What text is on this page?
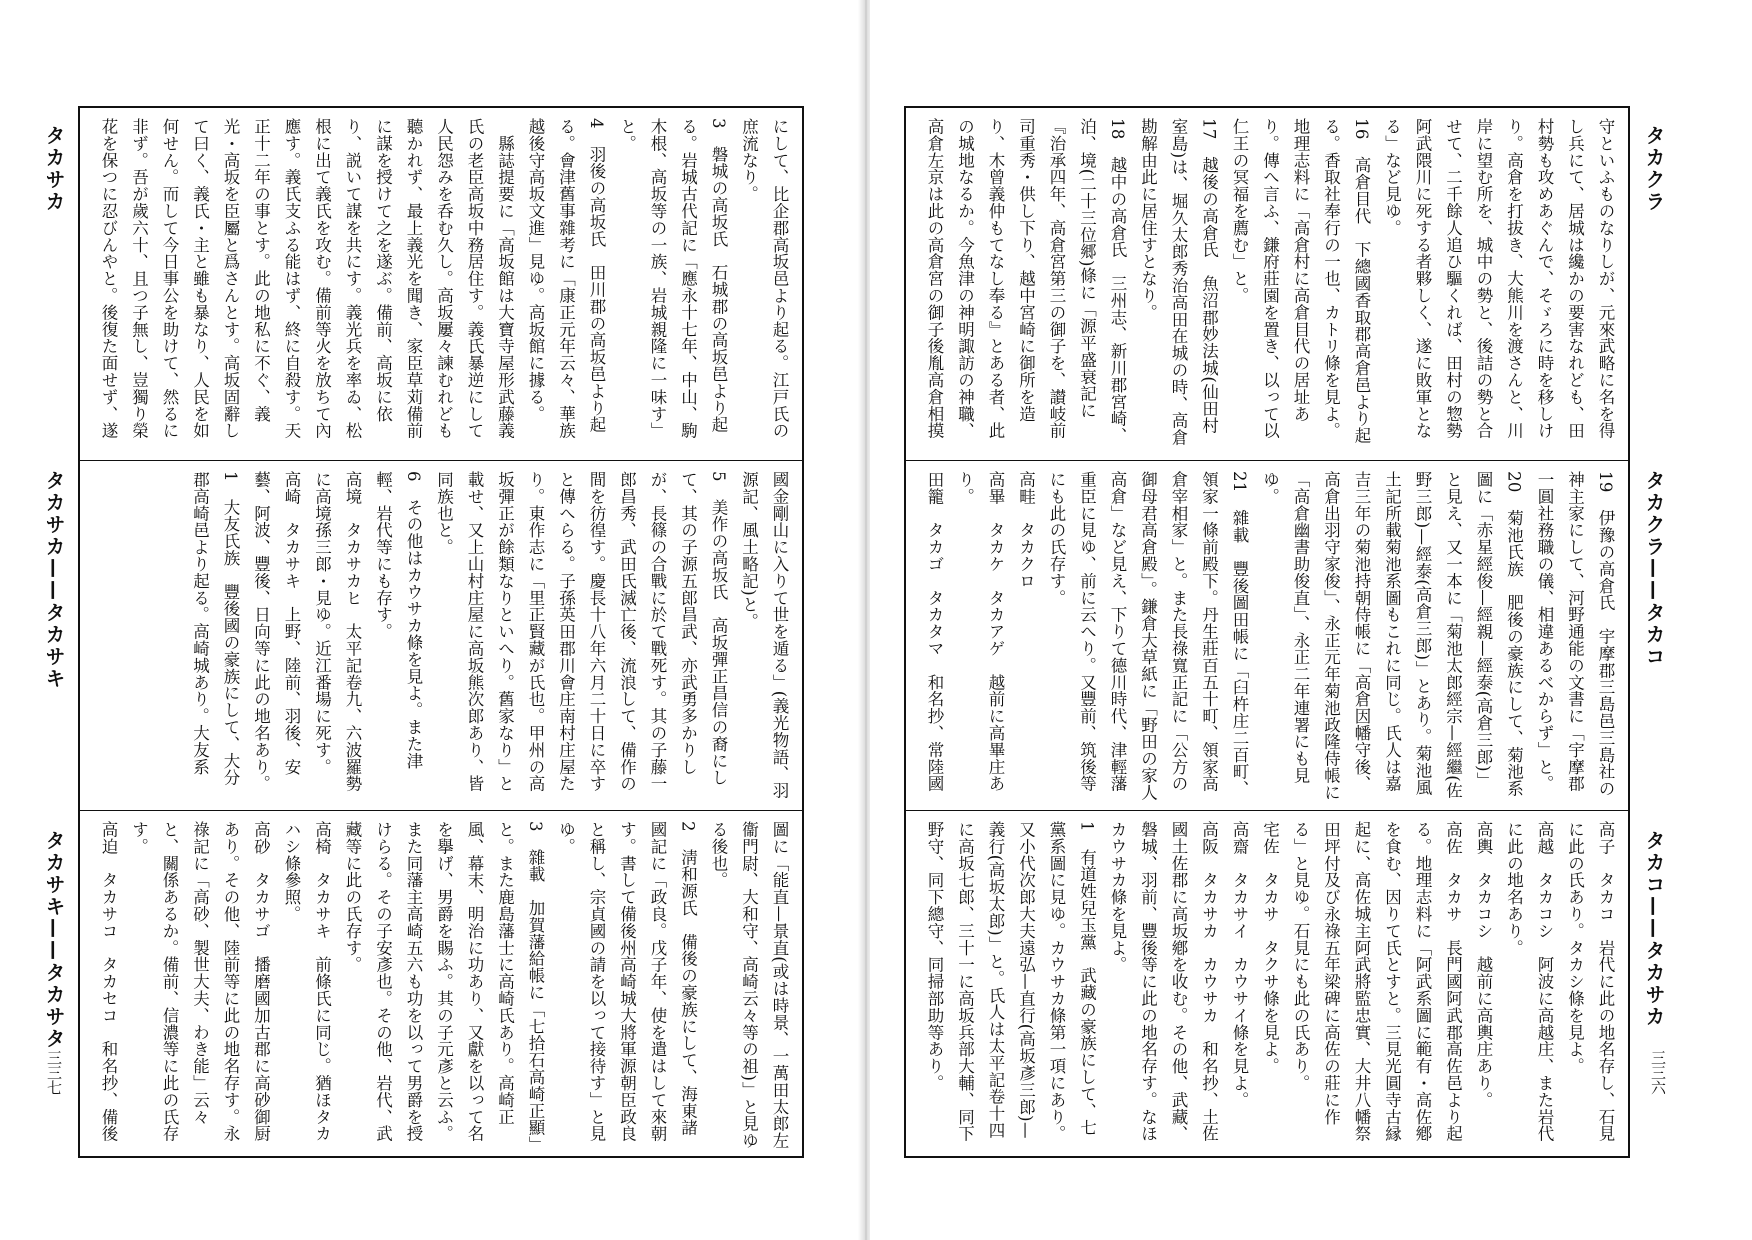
タカサカ
タカサカ——タカサキ
タカサキ——タカサタ
三三七
にして、比企郡高坂邑より起る。江戸氏の庶流なり。
3　磐城の高坂氏　石城郡の高坂邑より起る。岩城古代記に「應永十七年、中山、駒木根、高坂等の一族、岩城親隆に一味す」と。
4　羽後の高坂氏　田川郡の高坂邑より起る。會津舊事雜考に「康正元年云々、華族越後守高坂文進」見ゆ。高坂館に據る。
　縣誌提要に「高坂館は大寶寺屋形武藤義氏の老臣高坂中務居住す。義氏暴逆にして人民怨みを呑む久し。高坂屢々諫むれども聽かれず、最上義光を聞き、家臣草苅備前に謀を授けて之を遂ぶ。備前、高坂に依り、説いて謀を共にす。義光兵を率ゐ、松根に出て義氏を攻む。備前等火を放ちて內應す。義氏支ふる能はず、終に自殺す。天正十二年の事とす。此の地私に不ぐ、義光・高坂を臣屬と爲さんとす。高坂固辭して曰く、義氏・主と雖も暴なり、人民を如何せん。而して今日事公を助けて、然るに非ず。吾が歲六十、且つ子無し、豈獨り榮花を保つに忍びんやと。後復た面せず、遂
國金剛山に入りて世を遁る」(義光物語、羽源記、風土略記)と。
5　美作の高坂氏　高坂彈正昌信の裔にして、其の子源五郎昌武、亦武勇多かりしが、長篠の合戰に於て戰死す。其の子藤一郎昌秀、武田氏滅亡後、流浪して、備作の間を彷徨す。慶長十八年六月二十日に卒すと傳へらる。子孫英田郡川會庄南村庄屋たり。東作志に「里正賢藏が氏也。甲州の高坂彈正が餘類なりといへり。舊家なり」と載せ、又上山村庄屋に高坂熊次郎あり、皆同族也と。
6　その他はカウサカ條を見よ。また津輕、岩代等にも存す。
高境　タカサカヒ　太平記卷九、六波羅勢に高境孫三郎・見ゆ。近江番場に死す。
高崎　タカサキ　上野、陸前、羽後、安藝、阿波、豐後、日向等に此の地名あり。
1　大友氏族　豐後國の豪族にして、大分郡高崎邑より起る。高崎城あり。大友系
圖に「能直—景直(或は時景、一萬田太郎左衞門尉、大和守、高崎云々等の祖)」と見ゆる後也。
2　淸和源氏　備後の豪族にして、海東諸國記に「政良。戊子年、使を遣はして來朝す。書して備後州高崎城大將軍源朝臣政良と稱し、宗貞國の請を以って接待す」と見ゆ。
3　雜載　加賀藩給帳に「七拾石高崎正顯」と。また鹿島藩士に高崎氏あり。高崎正風、幕末、明治に功あり、又獻を以って名を擧げ、男爵を賜ふ。其の子元彥と云ふ。また同藩主高崎五六も功を以って男爵を授けらる。その子安彥也。その他、岩代、武藏等に此の氏存す。
高椅　タカサキ　前條氏に同じ。猶ほタカハシ條參照。
高砂　タカサゴ　播磨國加古郡に高砂御厨あり。その他、陸前等に此の地名存す。永祿記に「高砂、製世大夫、わき能」云々と、關係あるか。備前、信濃等に此の氏存す。
高迫　タカサコ　タカセコ　和名抄、備後

タカクラ
タカクラ——タカコ
タカコ——タカサカ
三三六
守といふものなりしが、元來武略に名を得し兵にて、居城は纔かの要害なれども、田村勢も攻めあぐんで、そゞろに時を移しけり。高倉を打拔き、大熊川を渡さんと、川岸に望む所を、城中の勢と、後詰の勢と合せて、二千餘人追ひ驅くれば、田村の惣勢阿武隈川に死する者夥しく、遂に敗軍となる」など見ゆ。
16　高倉目代　下總國香取郡高倉邑より起る。香取社奉行の一也、カトリ條を見よ。地理志料に「高倉村に高倉目代の居址あり。傳へ言ふ、鎌府莊園を置き、以って以仁王の冥福を薦む」と。
17　越後の高倉氏　魚沼郡妙法城(仙田村室島)は、堀久太郎秀治高田在城の時、高倉勘解由此に居住すとなり。
18　越中の高倉氏　三州志、新川郡宮崎、泊、境(二十三位郷)條に「源平盛衰記に『治承四年、高倉宮第三の御子を、讃岐前司重秀・供し下り、越中宮崎に御所を造り、木曾義仲もてなし奉る』とある者、此の城地なるか。今魚津の神明諏訪の神職、高倉左京は此の高倉宮の御子後胤高倉相摸
19　伊豫の高倉氏　宇摩郡三島邑三島社の神主家にして、河野通能の文書に「宇摩郡一圓社務職の儀、相違あるべからず」と。
20　菊池氏族　肥後の豪族にして、菊池系圖に「赤星經俊—經親—經泰(高倉三郎)」と見え、又一本に「菊池太郎經宗—經繼(佐野三郎)—經泰(高倉三郎)」とあり。菊池風土記所載菊池系圖もこれに同じ。氏人は嘉吉三年の菊池持朝侍帳に「高倉因幡守後、高倉出羽守家俊」、永正元年菊池政隆侍帳に「高倉幽書助俊直」、永正二年連署にも見ゆ。
21　雜載　豐後圖田帳に「臼杵庄二百町、領家一條前殿下。丹生莊百五十町、領家高倉宰相家」と。また長祿寬正記に「公方の御母君高倉殿」。鎌倉大草紙に「野田の家人高倉」など見え、下りて德川時代、津輕藩重臣に見ゆ、前に云へり。又豐前、筑後等にも此の氏存す。
高畦　タカクロ
高畢　タカケ　タカアゲ　越前に高畢庄あり。
田籠　タカゴ　タカタマ　和名抄、常陸國
高子　タカコ　岩代に此の地名存し、石見に此の氏あり。タカシ條を見よ。
高越　タカコシ　阿波に高越庄、また岩代に此の地名あり。
高輿　タカコシ　越前に高輿庄あり。
高佐　タカサ　長門國阿武郡高佐邑より起る。地理志料に「阿武系圖に範有・高佐鄕を食む、因りて氏とすと。三見光圓寺古縁起に、高佐城主阿武將監忠實、大井八幡祭田坪付及び永祿五年梁碑に高佐の莊に作る」と見ゆ。石見にも此の氏あり。
宅佐　タカサ　タクサ條を見よ。
高齋　タカサイ　カウサイ條を見よ。
高阪　タカサカ　カウサカ　和名抄、土佐國土佐郡に高坂鄕を收む。その他、武藏、磐城、羽前、豐後等に此の地名存す。なほカウサカ條を見よ。
1　有道姓兒玉黨　武藏の豪族にして、七黨系圖に見ゆ。カウサカ條第一項にあり。又小代次郎大夫遠弘—直行(高坂彥三郎)—義行(高坂太郎)」と。氏人は太平記卷十四に高坂七郎、三十一に高坂兵部大輔、同下野守、同下總守、同掃部助等あり。
